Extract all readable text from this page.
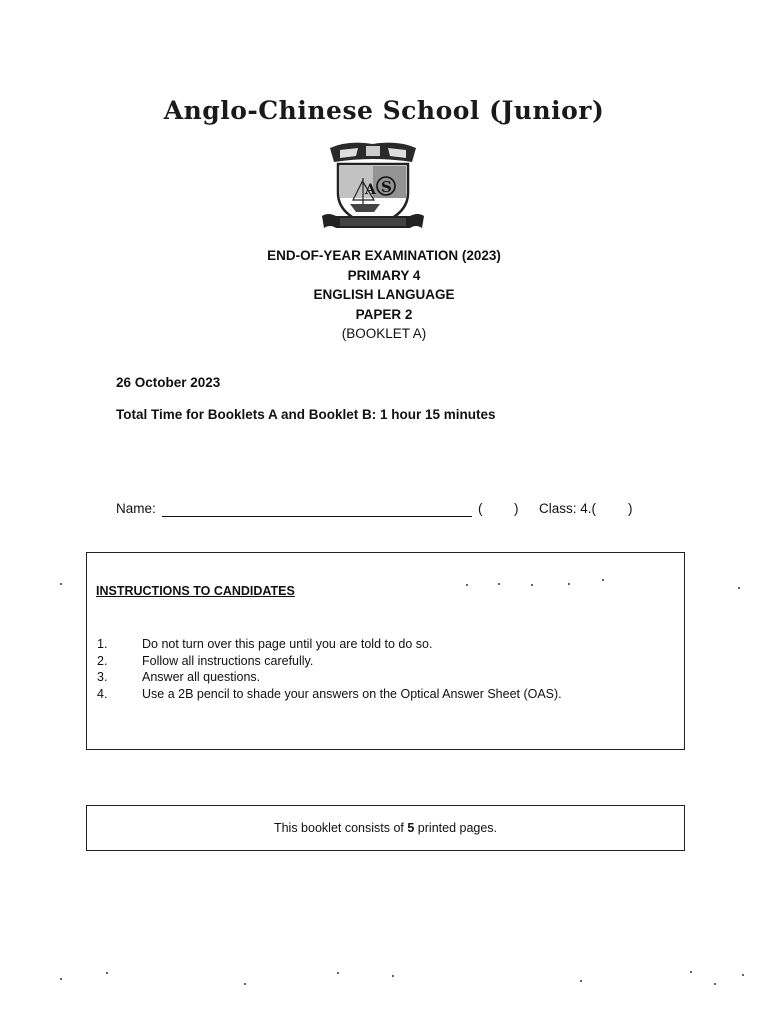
Anglo-Chinese School (Junior)
A S
END-OF-YEAR EXAMINATION (2023)
PRIMARY 4
ENGLISH LANGUAGE
PAPER 2
(BOOKLET A)
26 October 2023
Total Time for Booklets A and Booklet B: 1 hour 15 minutes
Name:	( ) Class: 4.( )
INSTRUCTIONS TO CANDIDATES
1.	Do not turn over this page until you are told to do so.
2.	Follow all instructions carefully.
3.	Answer all questions.
4.	Use a 2B pencil to shade your answers on the Optical Answer Sheet (OAS).
This booklet consists of 5 printed pages.
